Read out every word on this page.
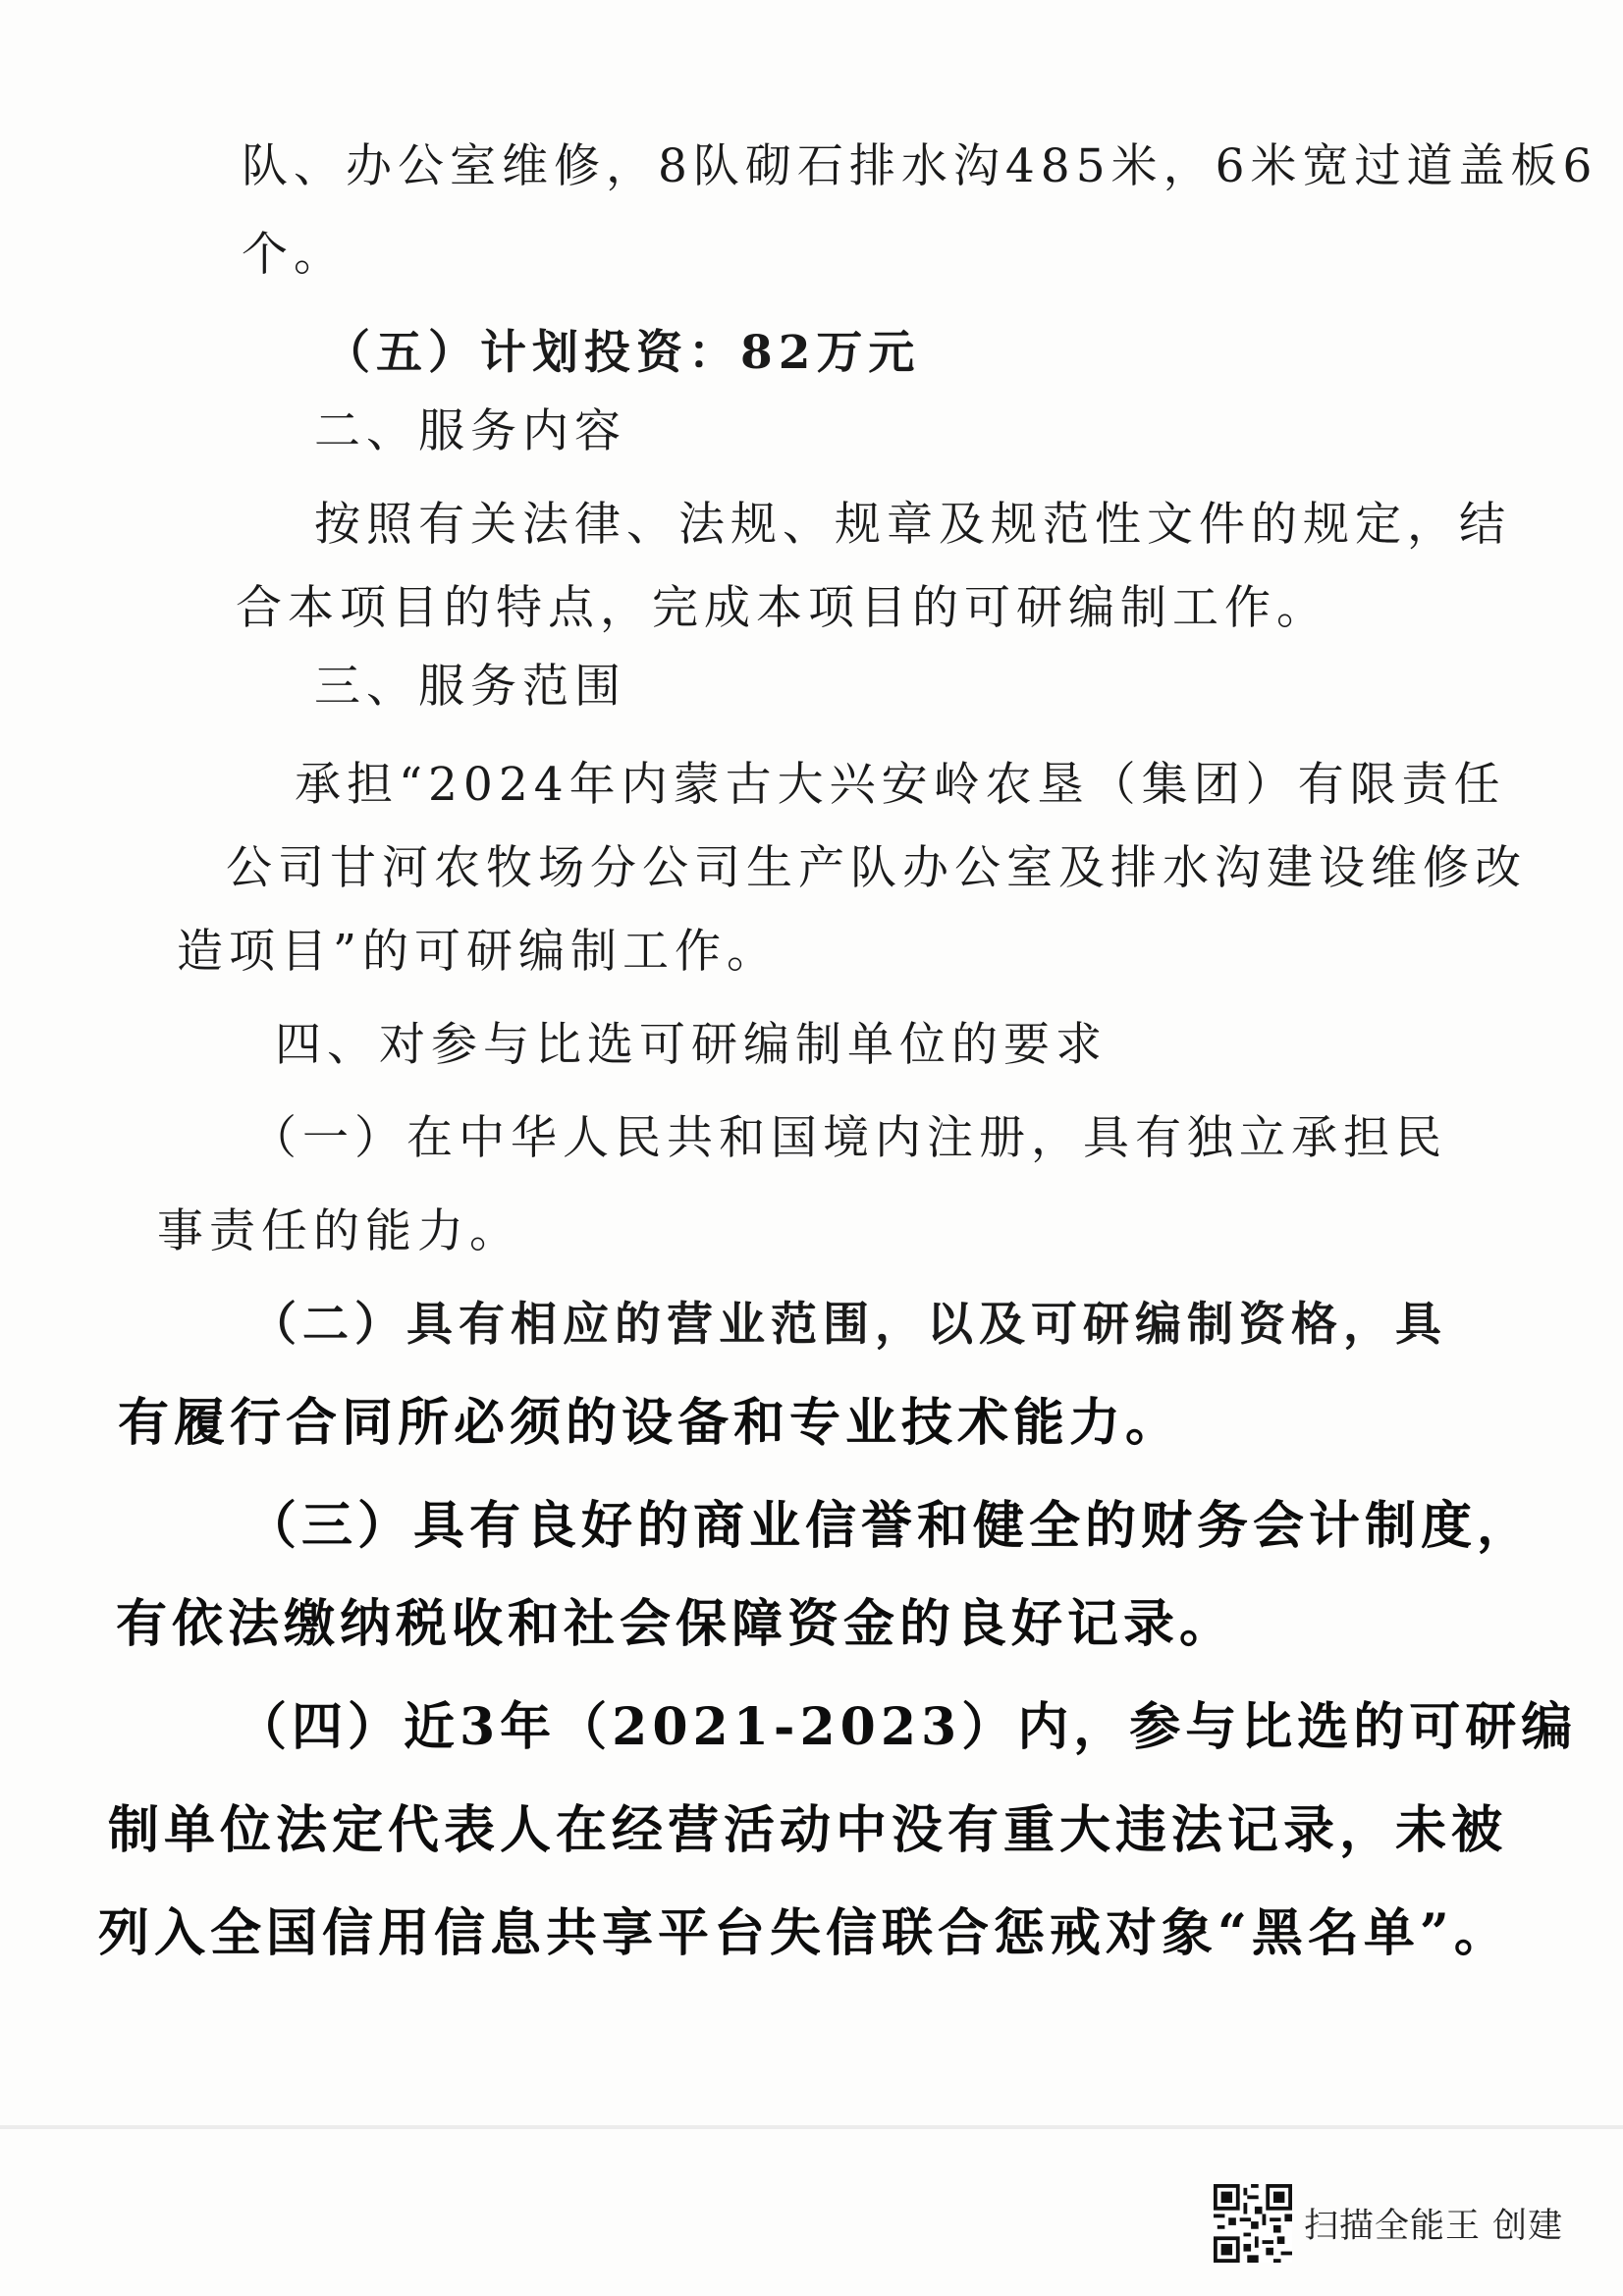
队、办公室维修，8队砌石排水沟485米，6米宽过道盖板6
个。
（五）计划投资：82万元
二、服务内容
按照有关法律、法规、规章及规范性文件的规定，结
合本项目的特点，完成本项目的可研编制工作。
三、服务范围
承担“2024年内蒙古大兴安岭农垦（集团）有限责任
公司甘河农牧场分公司生产队办公室及排水沟建设维修改
造项目”的可研编制工作。
四、对参与比选可研编制单位的要求
（一）在中华人民共和国境内注册，具有独立承担民
事责任的能力。
（二）具有相应的营业范围，以及可研编制资格，具
有履行合同所必须的设备和专业技术能力。
（三）具有良好的商业信誉和健全的财务会计制度，
有依法缴纳税收和社会保障资金的良好记录。
（四）近3年（2021-2023）内，参与比选的可研编
制单位法定代表人在经营活动中没有重大违法记录，未被
列入全国信用信息共享平台失信联合惩戒对象“黑名单”。
扫描全能王 创建
